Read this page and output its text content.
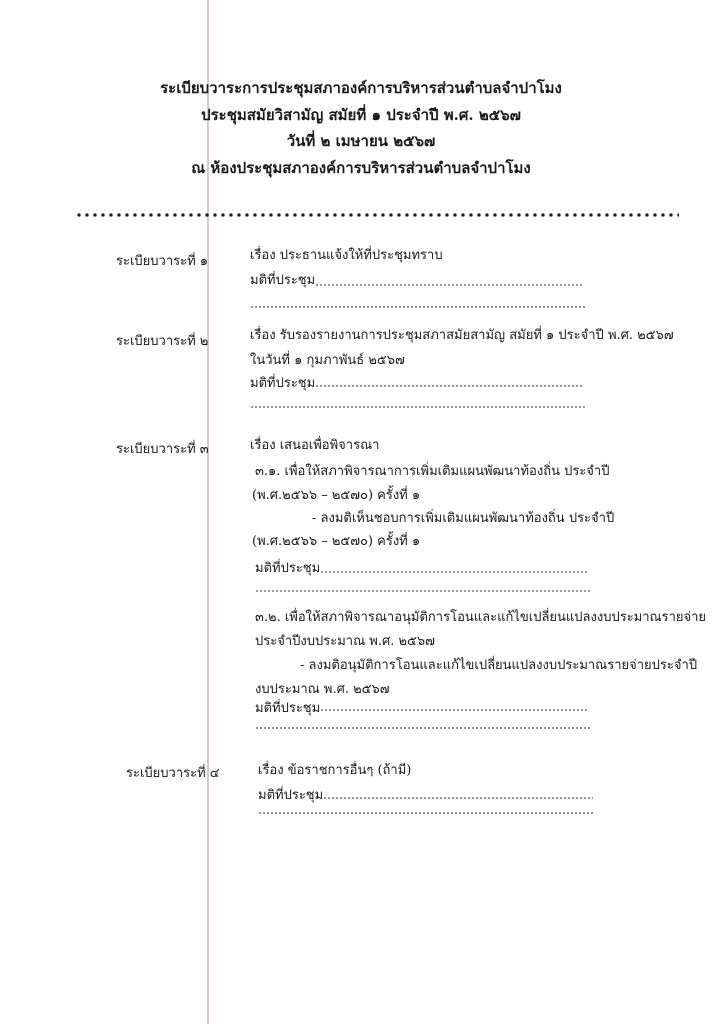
ระเบียบวาระการประชุมสภาองค์การบริหารส่วนตำบลจำปาโมง
ประชุมสมัยวิสามัญ สมัยที่ ๑ ประจำปี พ.ศ. ๒๕๖๗
วันที่ ๒ เมษายน ๒๕๖๗
ณ ห้องประชุมสภาองค์การบริหารส่วนตำบลจำปาโมง
ระเบียบวาระที่ ๑	เรื่อง ประธานแจ้งให้ที่ประชุมทราบ
มติที่ประชุม
ระเบียบวาระที่ ๒	เรื่อง รับรองรายงานการประชุมสภาสมัยสามัญ สมัยที่ ๑ ประจำปี พ.ศ. ๒๕๖๗
ในวันที่ ๑ กุมภาพันธ์ ๒๕๖๗
มติที่ประชุม
ระเบียบวาระที่ ๓	เรื่อง เสนอเพื่อพิจารณา
๓.๑. เพื่อให้สภาพิจารณาการเพิ่มเติมแผนพัฒนาท้องถิ่น ประจำปี
(พ.ศ.๒๕๖๖ – ๒๕๗๐) ครั้งที่ ๑
- ลงมติเห็นชอบการเพิ่มเติมแผนพัฒนาท้องถิ่น ประจำปี
(พ.ศ.๒๕๖๖ – ๒๕๗๐) ครั้งที่ ๑
มติที่ประชุม
๓.๒. เพื่อให้สภาพิจารณาอนุมัติการโอนและแก้ไขเปลี่ยนแปลงงบประมาณรายจ่าย
ประจำปีงบประมาณ พ.ศ. ๒๕๖๗
- ลงมติอนุมัติการโอนและแก้ไขเปลี่ยนแปลงงบประมาณรายจ่ายประจำปี
งบประมาณ พ.ศ. ๒๕๖๗
มติที่ประชุม
ระเบียบวาระที่ ๔	เรื่อง ข้อราชการอื่นๆ (ถ้ามี)
มติที่ประชุม
